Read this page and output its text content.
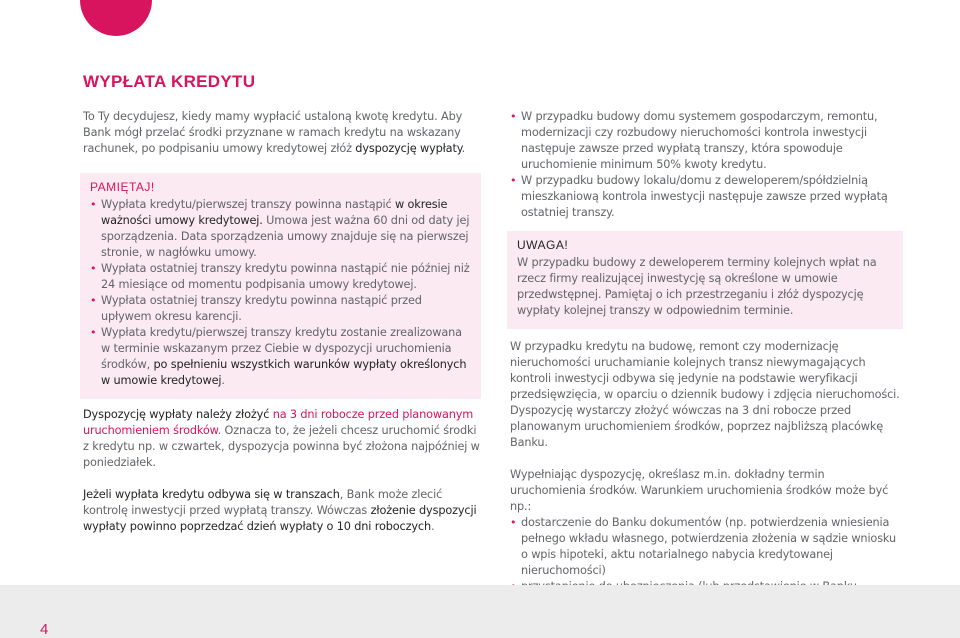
WYPŁATA KREDYTU

To Ty decydujesz, kiedy mamy wypłacić ustaloną kwotę kredytu. Aby Bank mógł przelać środki przyznane w ramach kredytu na wskazany rachunek, po podpisaniu umowy kredytowej złóż dyspozycję wypłaty.

PAMIĘTAJ!
• Wypłata kredytu/pierwszej transzy powinna nastąpić w okresie ważności umowy kredytowej. Umowa jest ważna 60 dni od daty jej sporządzenia. Data sporządzenia umowy znajduje się na pierwszej stronie, w nagłówku umowy.
• Wypłata ostatniej transzy kredytu powinna nastąpić nie później niż 24 miesiące od momentu podpisania umowy kredytowej.
• Wypłata ostatniej transzy kredytu powinna nastąpić przed upływem okresu karencji.
• Wypłata kredytu/pierwszej transzy kredytu zostanie zrealizowana w terminie wskazanym przez Ciebie w dyspozycji uruchomienia środków, po spełnieniu wszystkich warunków wypłaty określonych w umowie kredytowej.

Dyspozycję wypłaty należy złożyć na 3 dni robocze przed planowanym uruchomieniem środków. Oznacza to, że jeżeli chcesz uruchomić środki z kredytu np. w czwartek, dyspozycja powinna być złożona najpóźniej w poniedziałek.

Jeżeli wypłata kredytu odbywa się w transzach, Bank może zlecić kontrolę inwestycji przed wypłatą transzy. Wówczas złożenie dyspozycji wypłaty powinno poprzedzać dzień wypłaty o 10 dni roboczych.

• W przypadku budowy domu systemem gospodarczym, remontu, modernizacji czy rozbudowy nieruchomości kontrola inwestycji następuje zawsze przed wypłatą transzy, która spowoduje uruchomienie minimum 50% kwoty kredytu.
• W przypadku budowy lokalu/domu z deweloperem/spółdzielnią mieszkaniową kontrola inwestycji następuje zawsze przed wypłatą ostatniej transzy.
UWAGA!
W przypadku budowy z deweloperem terminy kolejnych wpłat na rzecz firmy realizującej inwestycję są określone w umowie przedwstępnej. Pamiętaj o ich przestrzeganiu i złóż dyspozycję wypłaty kolejnej transzy w odpowiednim terminie.

W przypadku kredytu na budowę, remont czy modernizację nieruchomości uruchamianie kolejnych transz niewymagających kontroli inwestycji odbywa się jedynie na podstawie weryfikacji przedsięwzięcia, w oparciu o dziennik budowy i zdjęcia nieruchomości. Dyspozycję wystarczy złożyć wówczas na 3 dni robocze przed planowanym uruchomieniem środków, poprzez najbliższą placówkę Banku.

Wypełniając dyspozycję, określasz m.in. dokładny termin uruchomienia środków. Warunkiem uruchomienia środków może być np.:

• dostarczenie do Banku dokumentów (np. potwierdzenia wniesienia pełnego wkładu własnego, potwierdzenia złożenia w sądzie wniosku o wpis hipoteki, aktu notarialnego nabycia kredytowanej nieruchomości)
•
•
4
